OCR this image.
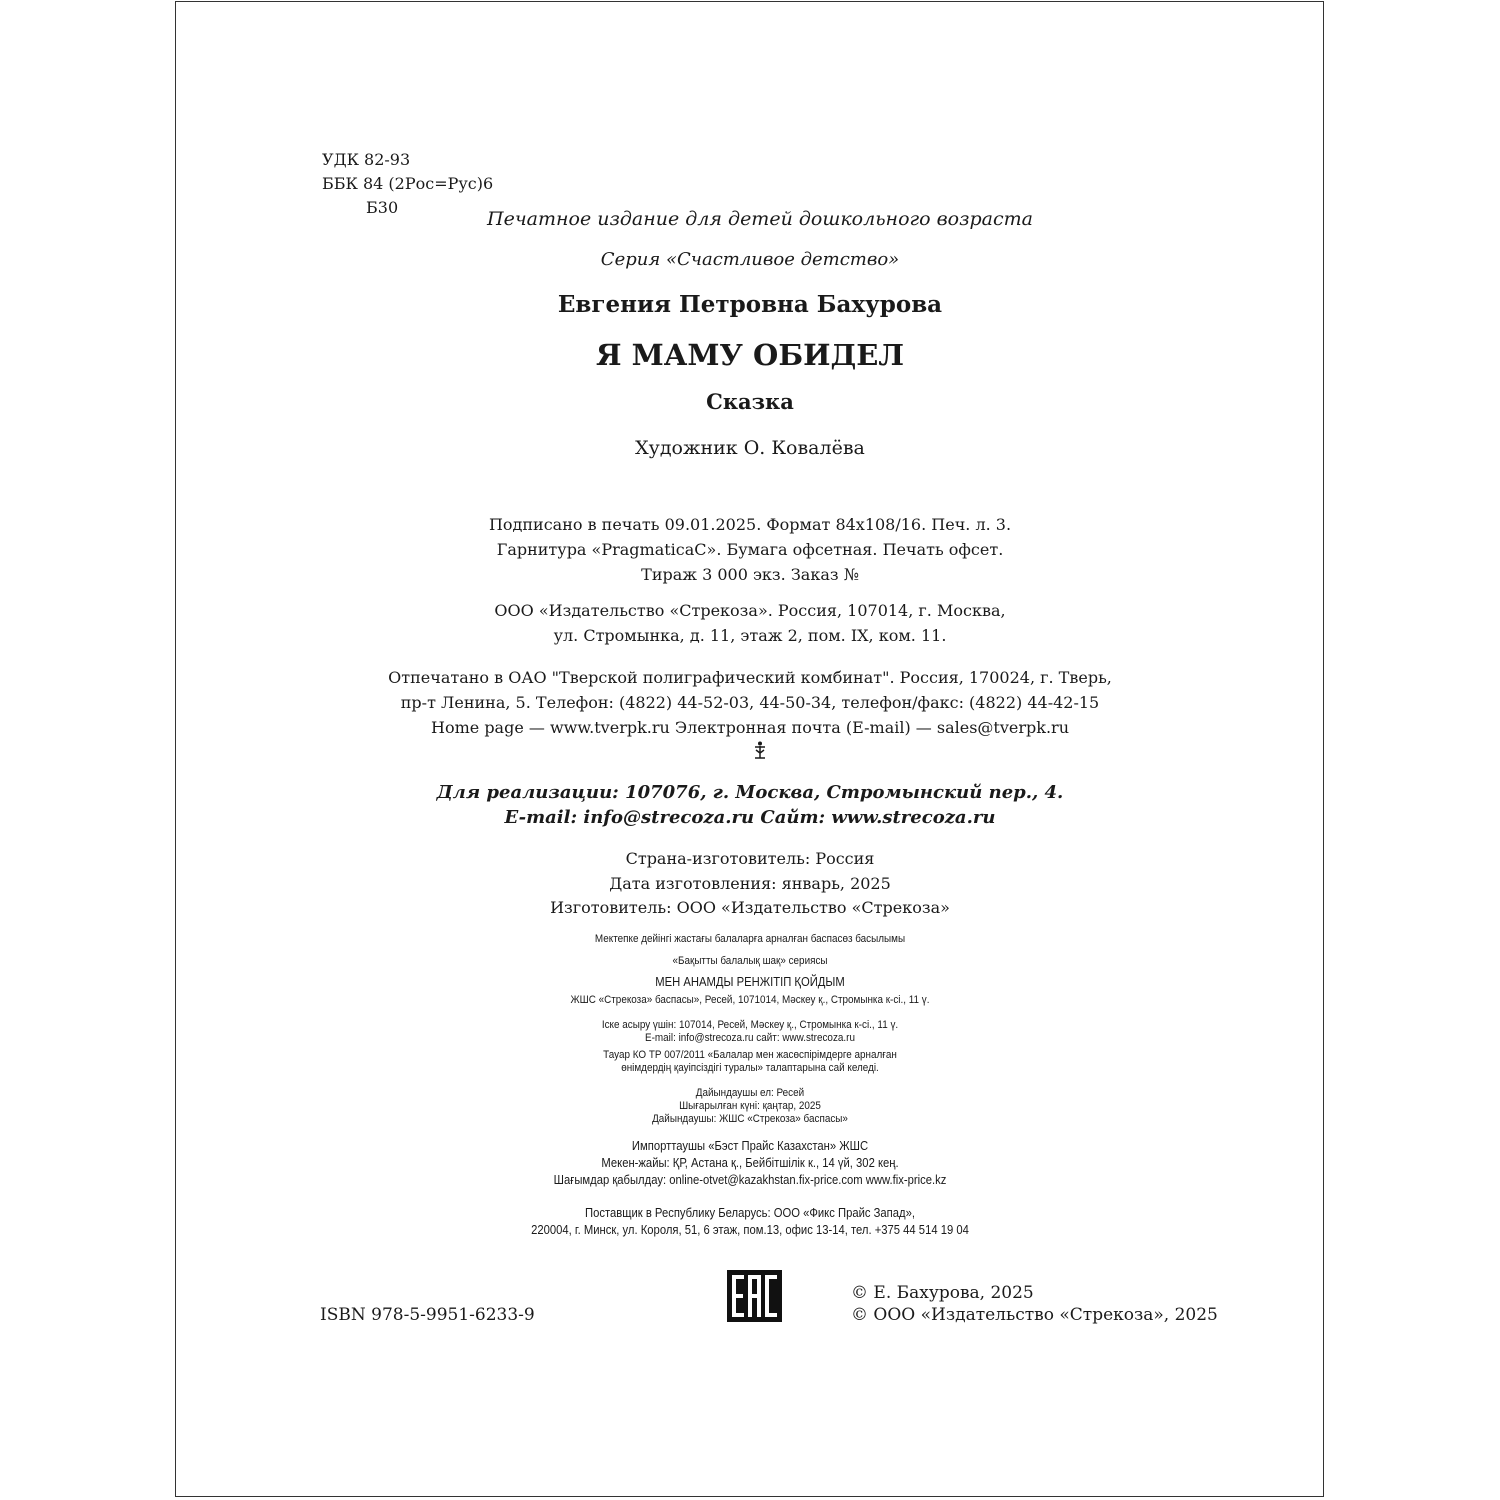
УДК 82-93
ББК 84 (2Рос=Рус)6
Б30
Печатное издание для детей дошкольного возраста
Серия «Счастливое детство»
Евгения Петровна Бахурова
Я МАМУ ОБИДЕЛ
Сказка
Художник О. Ковалёва
Подписано в печать 09.01.2025. Формат 84х108/16. Печ. л. 3.
Гарнитура «PragmaticaC». Бумага офсетная. Печать офсет.
Тираж 3 000 экз. Заказ №
ООО «Издательство «Стрекоза». Россия, 107014, г. Москва,
ул. Стромынка, д. 11, этаж 2, пом. IX, ком. 11.
Отпечатано в ОАО "Тверской полиграфический комбинат". Россия, 170024, г. Тверь,
пр-т Ленина, 5. Телефон: (4822) 44-52-03, 44-50-34, телефон/факс: (4822) 44-42-15
Home page — www.tverpk.ru Электронная почта (E-mail) — sales@tverpk.ru
Для реализации: 107076, г. Москва, Стромынский пер., 4.
E-mail: info@strecoza.ru Сайт: www.strecoza.ru
Страна-изготовитель: Россия
Дата изготовления: январь, 2025
Изготовитель: ООО «Издательство «Стрекоза»
Мектепке дейінгі жастағы балаларға арналған баспасөз басылымы
«Бақытты балалық шақ» сериясы
МЕН АНАМДЫ РЕНЖІТІП ҚОЙДЫМ
ЖШС «Стрекоза» баспасы», Ресей, 1071014, Мәскеу қ., Стромынка к-сі., 11 ү.
Іске асыру үшін: 107014, Ресей, Мәскеу қ., Стромынка к-сі., 11 ү.
E-mail: info@strecoza.ru сайт: www.strecoza.ru
Тауар КО ТР 007/2011 «Балалар мен жасөспірімдерге арналған
өнімдердің қауіпсіздігі туралы» талаптарына сай келеді.
Дайындаушы ел: Ресей
Шығарылған күні: қаңтар, 2025
Дайындаушы: ЖШС «Стрекоза» баспасы»
Импорттаушы «Бэст Прайс Казахстан» ЖШС
Мекен-жайы: ҚР, Астана қ., Бейбітшілік к., 14 үй, 302 кең.
Шағымдар қабылдау: online-otvet@kazakhstan.fix-price.com www.fix-price.kz
Поставщик в Республику Беларусь: ООО «Фикс Прайс Запад»,
220004, г. Минск, ул. Короля, 51, 6 этаж, пом.13, офис 13-14, тел. +375 44 514 19 04
ISBN 978-5-9951-6233-9
© Е. Бахурова, 2025
© ООО «Издательство «Стрекоза», 2025
